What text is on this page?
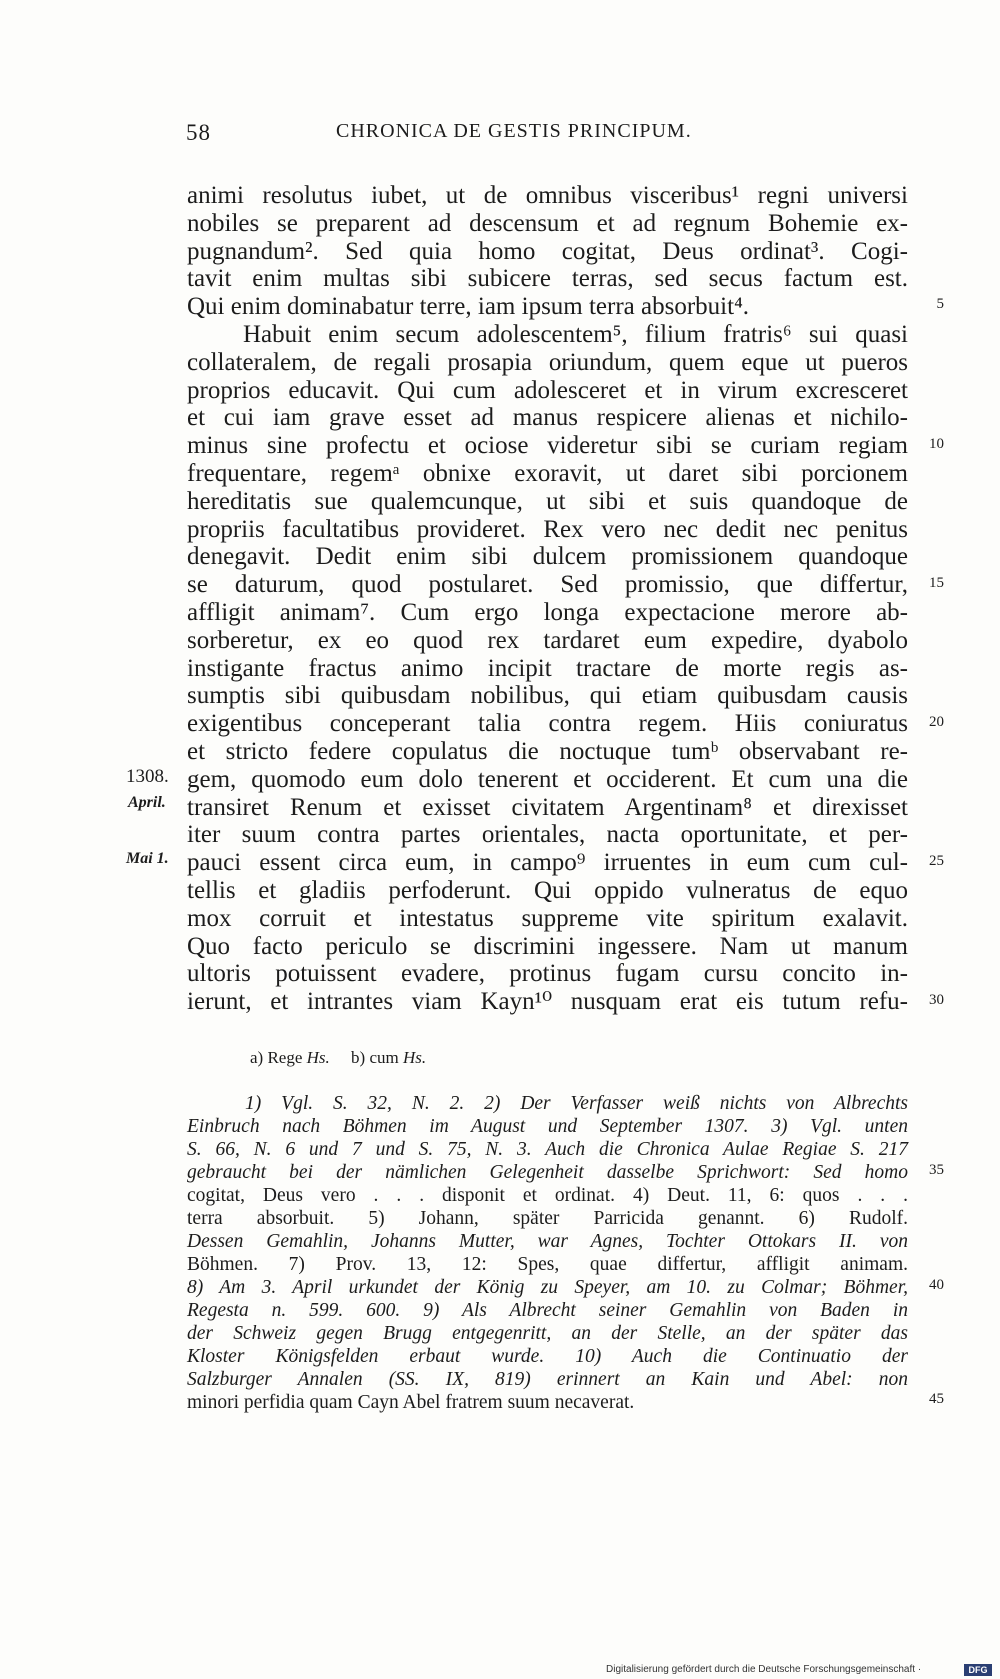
58	CHRONICA DE GESTIS PRINCIPUM.
animi resolutus iubet, ut de omnibus visceribus¹ regni universi
nobiles se preparent ad descensum et ad regnum Bohemie ex-
pugnandum². Sed quia homo cogitat, Deus ordinat³. Cogi-
tavit enim multas sibi subicere terras, sed secus factum est.
Qui enim dominabatur terre, iam ipsum terra absorbuit⁴.
Habuit enim secum adolescentem⁵, filium fratris⁶ sui quasi
collateralem, de regali prosapia oriundum, quem eque ut pueros
proprios educavit. Qui cum adolesceret et in virum excresceret
et cui iam grave esset ad manus respicere alienas et nichilo-
minus sine profectu et ociose videretur sibi se curiam regiam
frequentare, regemᵃ obnixe exoravit, ut daret sibi porcionem
hereditatis sue qualemcunque, ut sibi et suis quandoque de
propriis facultatibus provideret. Rex vero nec dedit nec penitus
denegavit. Dedit enim sibi dulcem promissionem quandoque
se daturum, quod postularet. Sed promissio, que differtur,
affligit animam⁷. Cum ergo longa expectacione merore ab-
sorberetur, ex eo quod rex tardaret eum expedire, dyabolo
instigante fractus animo incipit tractare de morte regis as-
sumptis sibi quibusdam nobilibus, qui etiam quibusdam causis
exigentibus conceperant talia contra regem. Hiis coniuratus
et stricto federe copulatus die noctuque tumᵇ observabant re-
gem, quomodo eum dolo tenerent et occiderent. Et cum una die
transiret Renum et exisset civitatem Argentinam⁸ et direxisset
iter suum contra partes orientales, nacta oportunitate, et per-
pauci essent circa eum, in campo⁹ irruentes in eum cum cul-
tellis et gladiis perfoderunt. Qui oppido vulneratus de equo
mox corruit et intestatus suppreme vite spiritum exalavit.
Quo facto periculo se discrimini ingessere. Nam ut manum
ultoris potuissent evadere, protinus fugam cursu concito in-
ierunt, et intrantes viam Kayn¹⁰ nusquam erat eis tutum refu-
5
10
15
20
25
30
1308.
April.
Mai 1.
a) Rege Hs. b) cum Hs.
1) Vgl. S. 32, N. 2. 2) Der Verfasser weiß nichts von Albrechts
Einbruch nach Böhmen im August und September 1307. 3) Vgl. unten
S. 66, N. 6 und 7 und S. 75, N. 3. Auch die Chronica Aulae Regiae S. 217
gebraucht bei der nämlichen Gelegenheit dasselbe Sprichwort: Sed homo
cogitat, Deus vero . . . disponit et ordinat. 4) Deut. 11, 6: quos . . .
terra absorbuit. 5) Johann, später Parricida genannt. 6) Rudolf.
Dessen Gemahlin, Johanns Mutter, war Agnes, Tochter Ottokars II. von
Böhmen. 7) Prov. 13, 12: Spes, quae differtur, affligit animam.
8) Am 3. April urkundet der König zu Speyer, am 10. zu Colmar; Böhmer,
Regesta n. 599. 600. 9) Als Albrecht seiner Gemahlin von Baden in
der Schweiz gegen Brugg entgegenritt, an der Stelle, an der später das
Kloster Königsfelden erbaut wurde. 10) Auch die Continuatio der
Salzburger Annalen (SS. IX, 819) erinnert an Kain und Abel: non
minori perfidia quam Cayn Abel fratrem suum necaverat.
35
40
45
Digitalisierung gefördert durch die Deutsche Forschungsgemeinschaft ·	DFG
